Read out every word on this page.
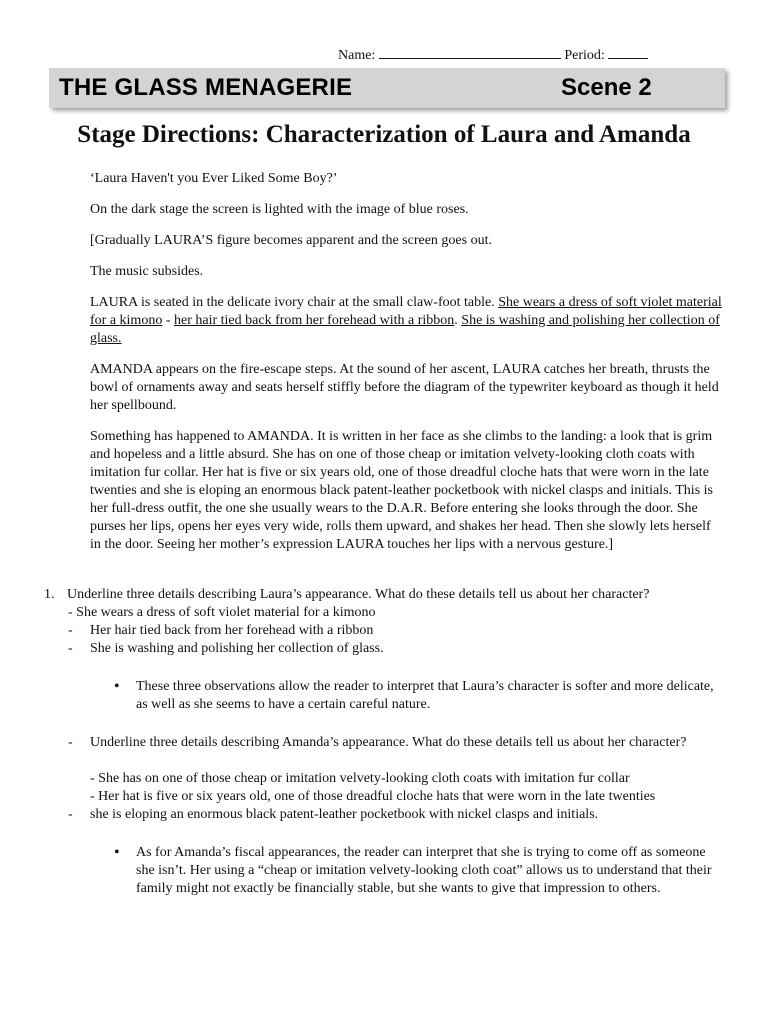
Name:	Period:
THE GLASS MENAGERIE	Scene 2
Stage Directions: Characterization of Laura and Amanda

‘Laura Haven't you Ever Liked Some Boy?’

On the dark stage the screen is lighted with the image of blue roses.

[Gradually LAURA’S figure becomes apparent and the screen goes out.

The music subsides.

LAURA is seated in the delicate ivory chair at the small claw-foot table. She wears a dress of soft violet material for a kimono - her hair tied back from her forehead with a ribbon. She is washing and polishing her collection of glass.

AMANDA appears on the fire-escape steps. At the sound of her ascent, LAURA catches her breath, thrusts the bowl of ornaments away and seats herself stiffly before the diagram of the typewriter keyboard as though it held her spellbound.

Something has happened to AMANDA. It is written in her face as she climbs to the landing: a look that is grim and hopeless and a little absurd. She has on one of those cheap or imitation velvety-looking cloth coats with imitation fur collar. Her hat is five or six years old, one of those dreadful cloche hats that were worn in the late twenties and she is eloping an enormous black patent-leather pocketbook with nickel clasps and initials. This is her full-dress outfit, the one she usually wears to the D.A.R. Before entering she looks through the door. She purses her lips, opens her eyes very wide, rolls them upward, and shakes her head. Then she slowly lets herself in the door. Seeing her mother’s expression LAURA touches her lips with a nervous gesture.]

1. Underline three details describing Laura’s appearance. What do these details tell us about her character?
- She wears a dress of soft violet material for a kimono
- Her hair tied back from her forehead with a ribbon
- She is washing and polishing her collection of glass.
• These three observations allow the reader to interpret that Laura’s character is softer and more delicate, as well as she seems to have a certain careful nature.
- Underline three details describing Amanda’s appearance. What do these details tell us about her character?
- She has on one of those cheap or imitation velvety-looking cloth coats with imitation fur collar
- Her hat is five or six years old, one of those dreadful cloche hats that were worn in the late twenties
- she is eloping an enormous black patent-leather pocketbook with nickel clasps and initials.
• As for Amanda’s fiscal appearances, the reader can interpret that she is trying to come off as someone she isn’t. Her using a “cheap or imitation velvety-looking cloth coat” allows us to understand that their family might not exactly be financially stable, but she wants to give that impression to others.
